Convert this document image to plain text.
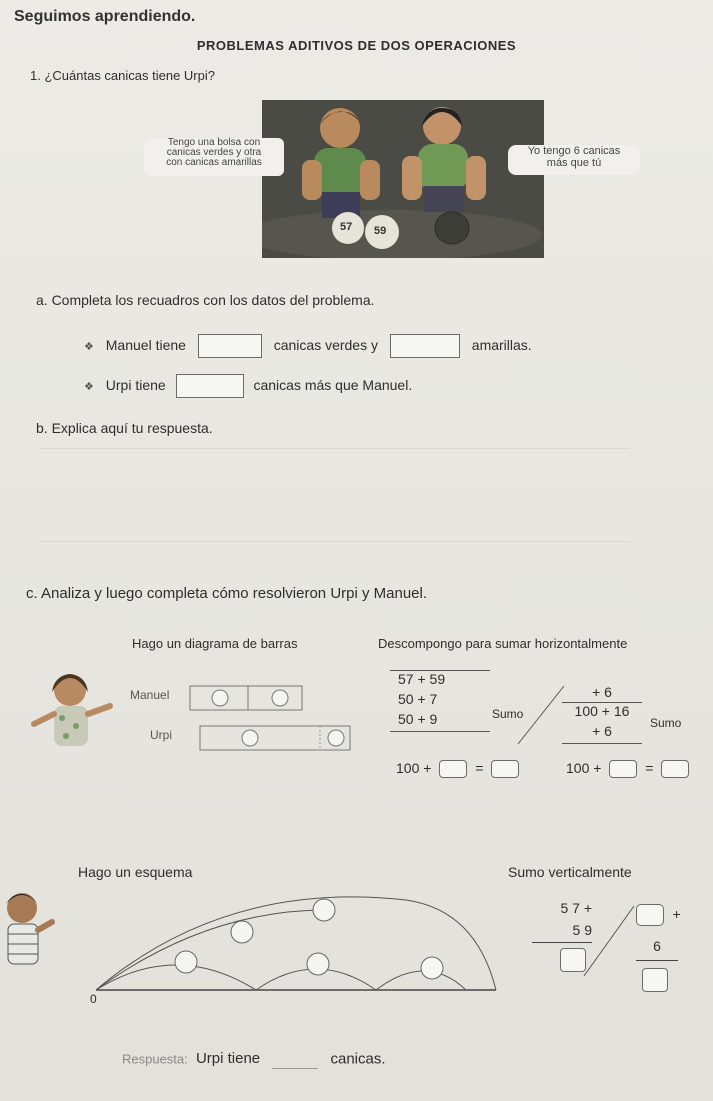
Seguimos aprendiendo.
PROBLEMAS ADITIVOS DE DOS OPERACIONES
1. ¿Cuántas canicas tiene Urpi?
Tengo una bolsa con
canicas verdes y otra
con canicas amarillas
Yo tengo 6 canicas
más que tú
57 59
a. Completa los recuadros con los datos del problema.
❖ Manuel tiene	canicas verdes y	amarillas.
❖ Urpi tiene	canicas más que Manuel.
b. Explica aquí tu respuesta.
c. Analiza y luego completa cómo resolvieron Urpi y Manuel.
Hago un diagrama de barras	Descompongo para sumar horizontalmente
Manuel
Urpi
57 + 59
50 + 7
50 + 9	Sumo
+ 6
100 + 16
+ 6	Sumo
100 +	=	100 +	=
Hago un esquema	Sumo verticalmente
0
5 7 +
5 9
+
6
Respuesta: Urpi tiene	canicas.
